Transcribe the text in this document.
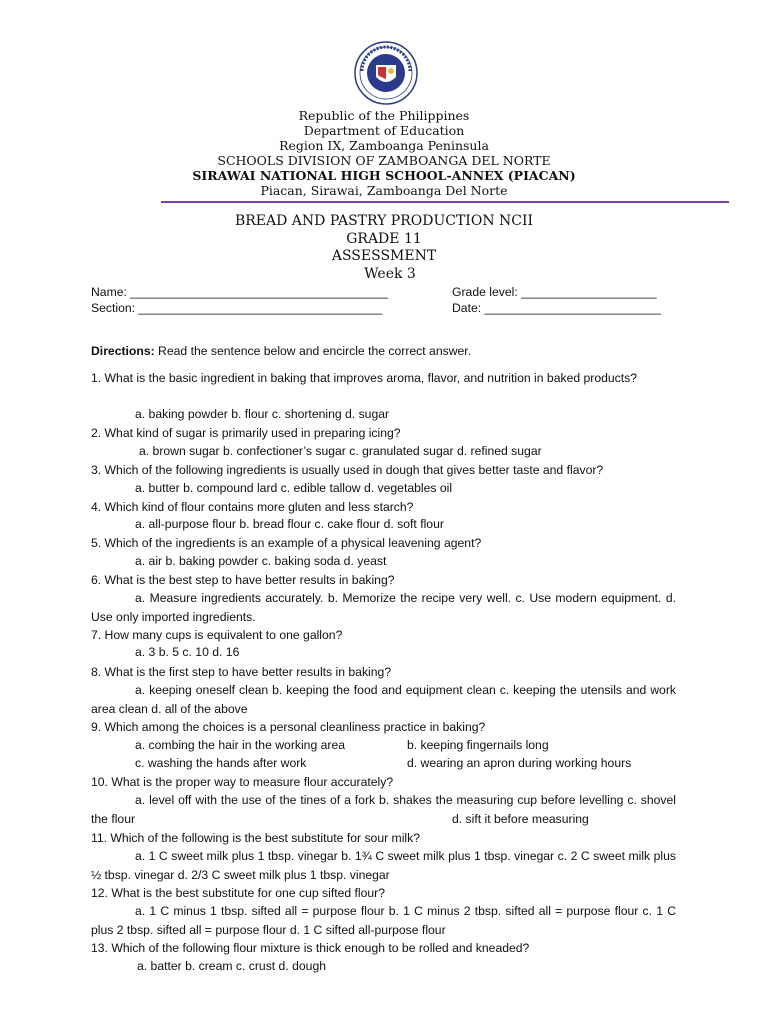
Republic of the Philippines
Department of Education
Region IX, Zamboanga Peninsula
SCHOOLS DIVISION OF ZAMBOANGA DEL NORTE
SIRAWAI NATIONAL HIGH SCHOOL-ANNEX (PIACAN)
Piacan, Sirawai, Zamboanga Del Norte
BREAD AND PASTRY PRODUCTION NCII
GRADE 11
ASSESSMENT
Week 3
Name: ______________________________________	Grade level: ____________________
Section: ____________________________________	Date: __________________________
Directions: Read the sentence below and encircle the correct answer.
1. What is the basic ingredient in baking that improves aroma, flavor, and nutrition in baked products?
a. baking powder b. flour c. shortening d. sugar
2. What kind of sugar is primarily used in preparing icing?
a. brown sugar b. confectioner’s sugar c. granulated sugar d. refined sugar
3. Which of the following ingredients is usually used in dough that gives better taste and flavor?
a. butter b. compound lard c. edible tallow d. vegetables oil
4. Which kind of flour contains more gluten and less starch?
a. all-purpose flour b. bread flour c. cake flour d. soft flour
5. Which of the ingredients is an example of a physical leavening agent?
a. air b. baking powder c. baking soda d. yeast
6. What is the best step to have better results in baking?
a. Measure ingredients accurately. b. Memorize the recipe very well. c. Use modern equipment. d. Use only imported ingredients.
7. How many cups is equivalent to one gallon?
a. 3 b. 5 c. 10 d. 16
8. What is the first step to have better results in baking?
a. keeping oneself clean b. keeping the food and equipment clean c. keeping the utensils and work area clean d. all of the above
9. Which among the choices is a personal cleanliness practice in baking?
a. combing the hair in the working area	b. keeping fingernails long
c. washing the hands after work	d. wearing an apron during working hours
10. What is the proper way to measure flour accurately?
a. level off with the use of the tines of a fork b. shakes the measuring cup before levelling c. shovel the flour	d. sift it before measuring
11. Which of the following is the best substitute for sour milk?
a. 1 C sweet milk plus 1 tbsp. vinegar b. 1¾ C sweet milk plus 1 tbsp. vinegar c. 2 C sweet milk plus ½ tbsp. vinegar d. 2/3 C sweet milk plus 1 tbsp. vinegar
12. What is the best substitute for one cup sifted flour?
a. 1 C minus 1 tbsp. sifted all = purpose flour b. 1 C minus 2 tbsp. sifted all = purpose flour c. 1 C plus 2 tbsp. sifted all = purpose flour d. 1 C sifted all-purpose flour
13. Which of the following flour mixture is thick enough to be rolled and kneaded?
a. batter b. cream c. crust d. dough
